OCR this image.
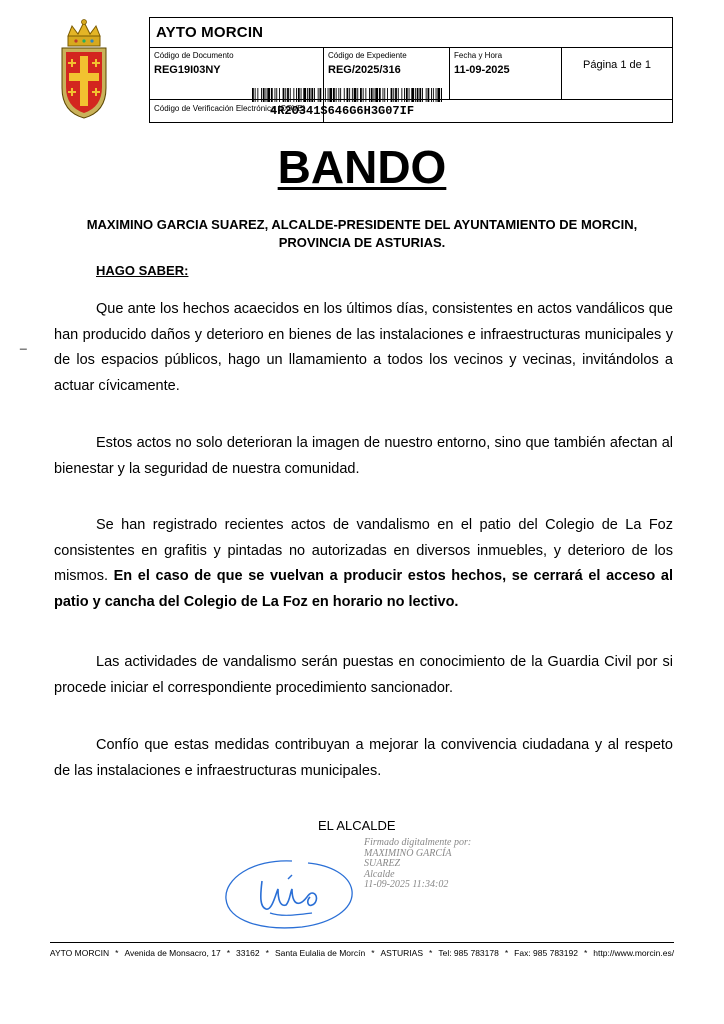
AYTO MORCIN
Código de Documento
REG19I03NY
Código de Expediente
REG/2025/316
Fecha y Hora
11-09-2025	Página 1 de 1
Código de Verificación Electrónica (COVE)
4R2O341S646G6H3G07IF
BANDO
MAXIMINO GARCIA SUAREZ, ALCALDE-PRESIDENTE DEL AYUNTAMIENTO DE MORCIN,
PROVINCIA DE ASTURIAS.
HAGO SABER:
_

Que ante los hechos acaecidos en los últimos días, consistentes en actos vandálicos que han producido daños y deterioro en bienes de las instalaciones e infraestructuras municipales y de los espacios públicos, hago un llamamiento a todos los vecinos y vecinas, invitándolos a actuar cívicamente.

Estos actos no solo deterioran la imagen de nuestro entorno, sino que también afectan al bienestar y la seguridad de nuestra comunidad.

Se han registrado recientes actos de vandalismo en el patio del Colegio de La Foz consistentes en grafitis y pintadas no autorizadas en diversos inmuebles, y deterioro de los mismos. En el caso de que se vuelvan a producir estos hechos, se cerrará el acceso al patio y cancha del Colegio de La Foz en horario no lectivo.

Las actividades de vandalismo serán puestas en conocimiento de la Guardia Civil por si procede iniciar el correspondiente procedimiento sancionador.

Confío que estas medidas contribuyan a mejorar la convivencia ciudadana y al respeto de las instalaciones e infraestructuras municipales.

EL ALCALDE
Firmado digitalmente por:
MAXIMINO GARCÍA
SUAREZ
Alcalde
11-09-2025 11:34:02
AYTO MORCIN * Avenida de Monsacro, 17 * 33162 * Santa Eulalia de Morcín * ASTURIAS * Tel: 985 783178 * Fax: 985 783192 * http://www.morcin.es/
